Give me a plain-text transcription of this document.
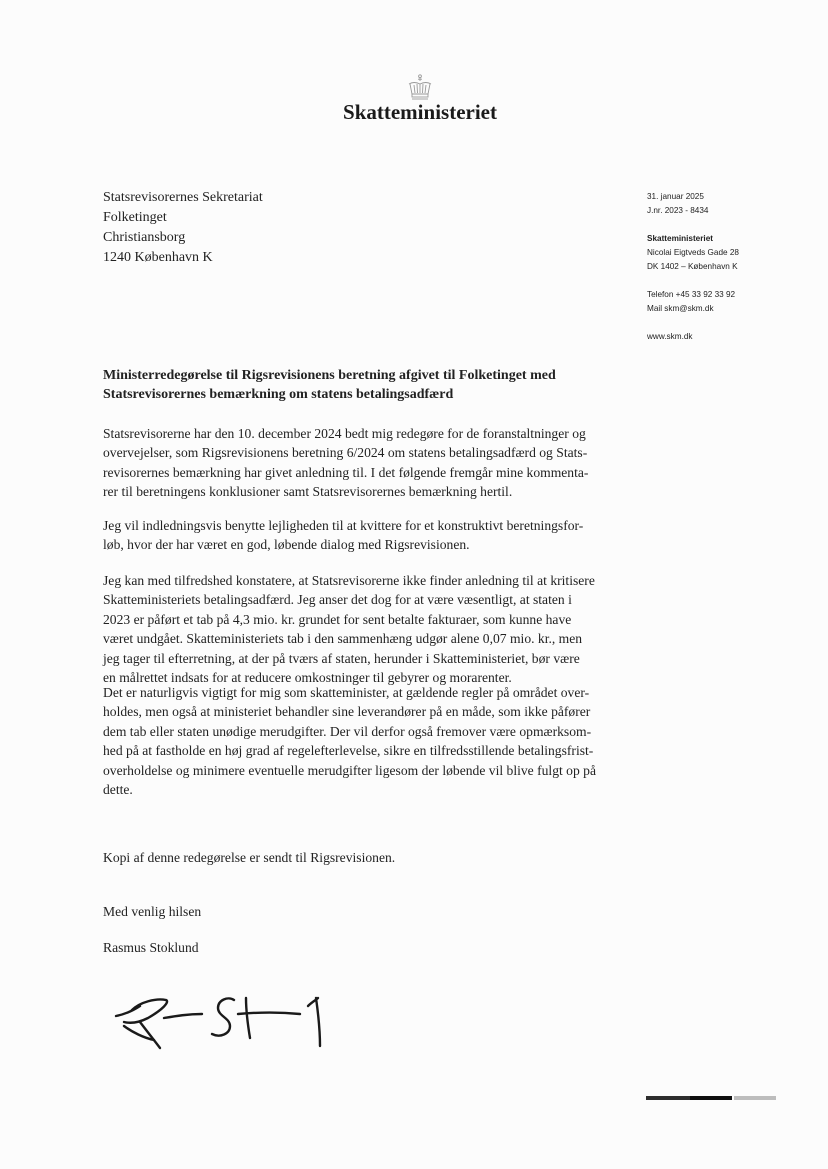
Skatteministeriet
Statsrevisorernes Sekretariat
Folketinget
Christiansborg
1240 København K
31. januar 2025
J.nr. 2023 - 8434
Skatteministeriet
Nicolai Eigtveds Gade 28
DK 1402 – København K
Telefon +45 33 92 33 92
Mail skm@skm.dk
www.skm.dk
Ministerredegørelse til Rigsrevisionens beretning afgivet til Folketinget med
Statsrevisorernes bemærkning om statens betalingsadfærd
Statsrevisorerne har den 10. december 2024 bedt mig redegøre for de foranstaltninger og
overvejelser, som Rigsrevisionens beretning 6/2024 om statens betalingsadfærd og Stats-
revisorernes bemærkning har givet anledning til. I det følgende fremgår mine kommenta-
rer til beretningens konklusioner samt Statsrevisorernes bemærkning hertil.
Jeg vil indledningsvis benytte lejligheden til at kvittere for et konstruktivt beretningsfor-
løb, hvor der har været en god, løbende dialog med Rigsrevisionen.
Jeg kan med tilfredshed konstatere, at Statsrevisorerne ikke finder anledning til at kritisere
Skatteministeriets betalingsadfærd. Jeg anser det dog for at være væsentligt, at staten i
2023 er påført et tab på 4,3 mio. kr. grundet for sent betalte fakturaer, som kunne have
været undgået. Skatteministeriets tab i den sammenhæng udgør alene 0,07 mio. kr., men
jeg tager til efterretning, at der på tværs af staten, herunder i Skatteministeriet, bør være
en målrettet indsats for at reducere omkostninger til gebyrer og morarenter.
Det er naturligvis vigtigt for mig som skatteminister, at gældende regler på området over-
holdes, men også at ministeriet behandler sine leverandører på en måde, som ikke påfører
dem tab eller staten unødige merudgifter. Der vil derfor også fremover være opmærksom-
hed på at fastholde en høj grad af regelefterlevelse, sikre en tilfredsstillende betalingsfrist-
overholdelse og minimere eventuelle merudgifter ligesom der løbende vil blive fulgt op på
dette.
Kopi af denne redegørelse er sendt til Rigsrevisionen.
Med venlig hilsen
Rasmus Stoklund
